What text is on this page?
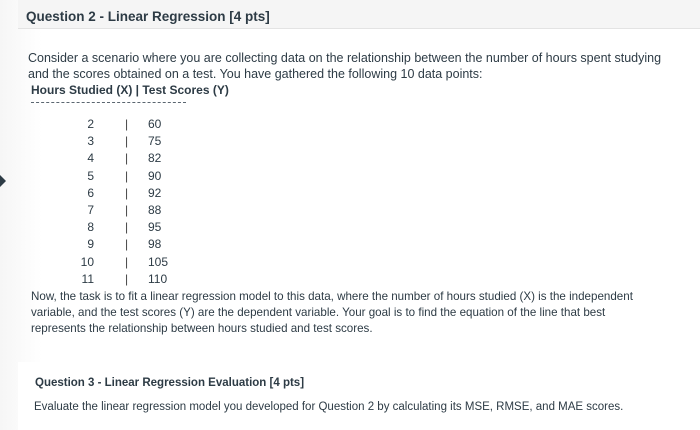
Question 2 - Linear Regression [4 pts]
Consider a scenario where you are collecting data on the relationship between the number of hours spent studying and the scores obtained on a test. You have gathered the following 10 data points:
Hours Studied (X) | Test Scores (Y)
2	| 60
3	| 75
4	| 82
5	| 90
6	| 92
7	| 88
8	| 95
9	| 98
10	| 105
11	| 110
Now, the task is to fit a linear regression model to this data, where the number of hours studied (X) is the independent variable, and the test scores (Y) are the dependent variable. Your goal is to find the equation of the line that best represents the relationship between hours studied and test scores.
Question 3 - Linear Regression Evaluation [4 pts]
Evaluate the linear regression model you developed for Question 2 by calculating its MSE, RMSE, and MAE scores.
